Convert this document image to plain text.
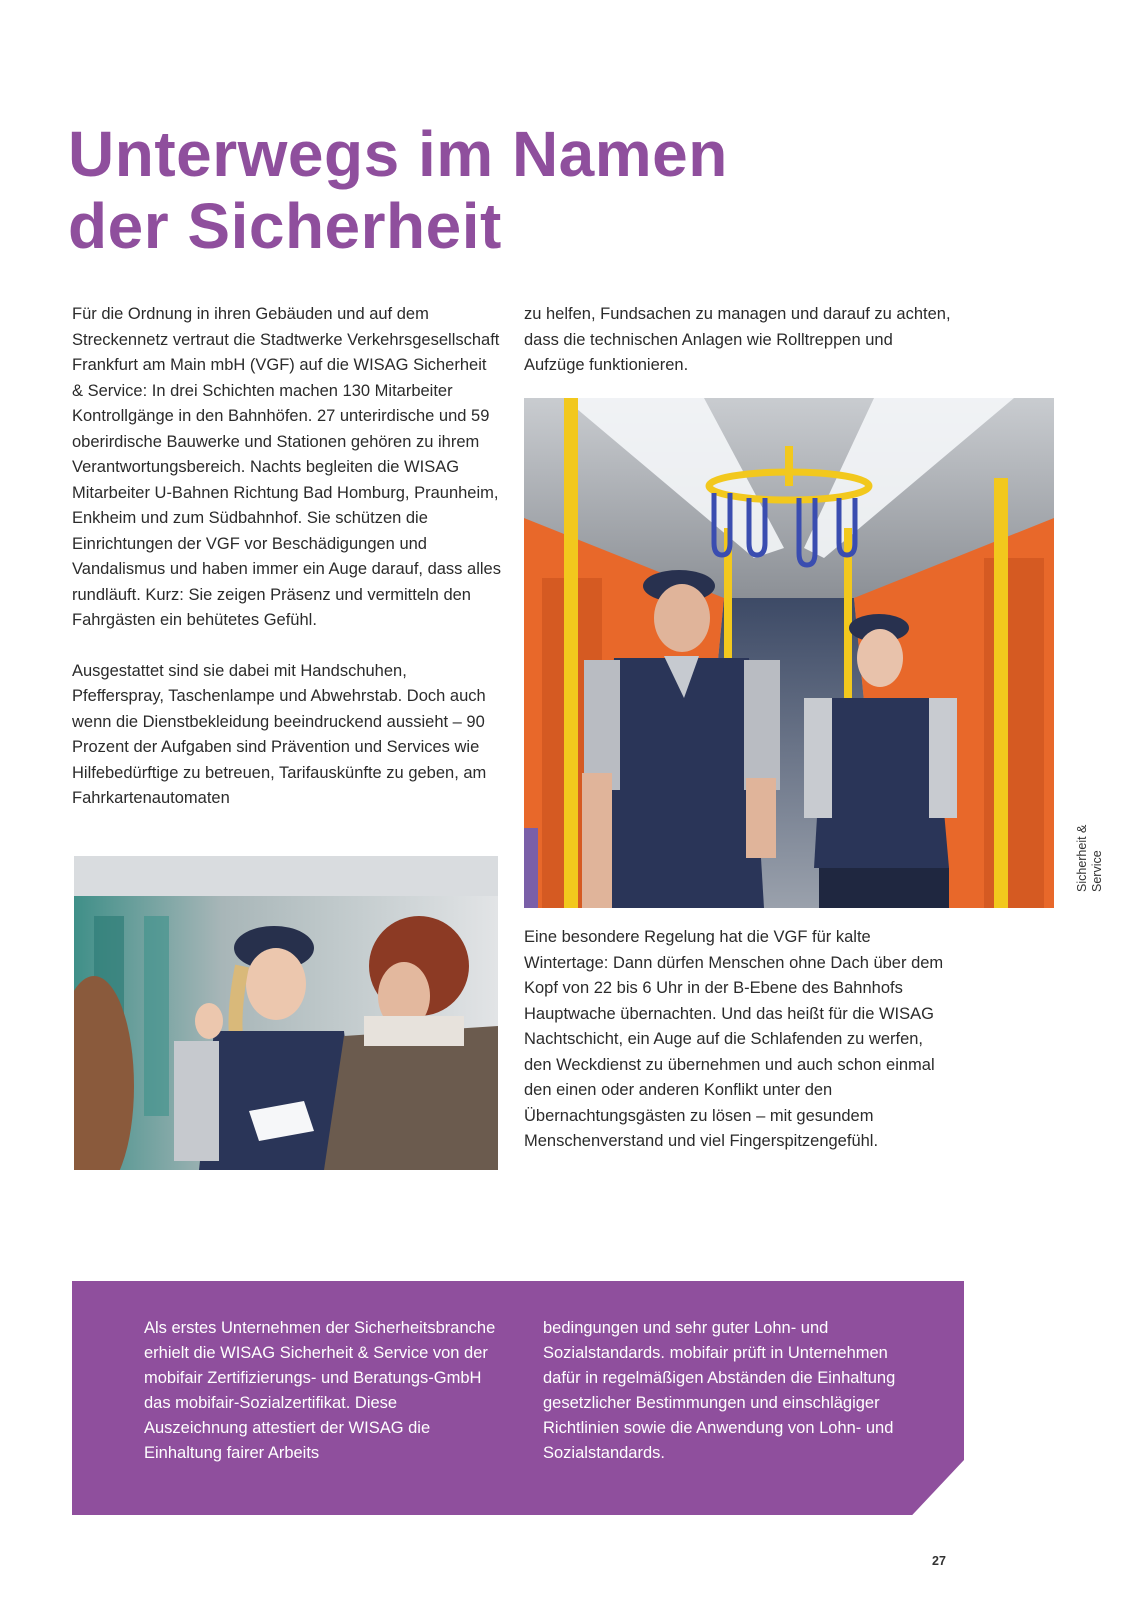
Unterwegs im Namen
der Sicherheit

Für die Ordnung in ihren Gebäuden und auf dem Streckennetz vertraut die Stadtwerke Verkehrsgesellschaft Frankfurt am Main mbH (VGF) auf die WISAG Sicherheit & Service: In drei Schichten machen 130 Mitarbeiter Kontrollgänge in den Bahnhöfen. 27 unterirdische und 59 oberirdische Bauwerke und Stationen gehören zu ihrem Verantwortungsbereich. Nachts begleiten die WISAG Mitarbeiter U-Bahnen Richtung Bad Homburg, Praunheim, Enkheim und zum Südbahnhof. Sie schützen die Einrichtungen der VGF vor Beschädigungen und Vandalismus und haben immer ein Auge darauf, dass alles rundläuft. Kurz: Sie zeigen Präsenz und vermitteln den Fahrgästen ein behütetes Gefühl.

Ausgestattet sind sie dabei mit Handschuhen, Pfefferspray, Taschenlampe und Abwehrstab. Doch auch wenn die Dienstbekleidung beeindruckend aussieht – 90 Prozent der Aufgaben sind Prävention und Services wie Hilfebedürftige zu betreuen, Tarifauskünfte zu geben, am Fahrkartenautomaten

zu helfen, Fundsachen zu managen und darauf zu achten, dass die technischen Anlagen wie Rolltreppen und Aufzüge funktionieren.

Sicherheit & Service

Eine besondere Regelung hat die VGF für kalte Wintertage: Dann dürfen Menschen ohne Dach über dem Kopf von 22 bis 6 Uhr in der B-Ebene des Bahnhofs Hauptwache übernachten. Und das heißt für die WISAG Nachtschicht, ein Auge auf die Schlafenden zu werfen, den Weckdienst zu übernehmen und auch schon einmal den einen oder anderen Konflikt unter den Übernachtungsgästen zu lösen – mit gesundem Menschenverstand und viel Fingerspitzengefühl.

Als erstes Unternehmen der Sicherheitsbranche erhielt die WISAG Sicherheit & Service von der mobifair Zertifizierungs- und Beratungs-GmbH das mobifair-Sozialzertifikat. Diese Auszeichnung attestiert der WISAG die Einhaltung fairer Arbeits

bedingungen und sehr guter Lohn- und Sozialstandards. mobifair prüft in Unternehmen dafür in regelmäßigen Abständen die Einhaltung gesetzlicher Bestimmungen und einschlägiger Richtlinien sowie die Anwendung von Lohn- und Sozialstandards.

27
